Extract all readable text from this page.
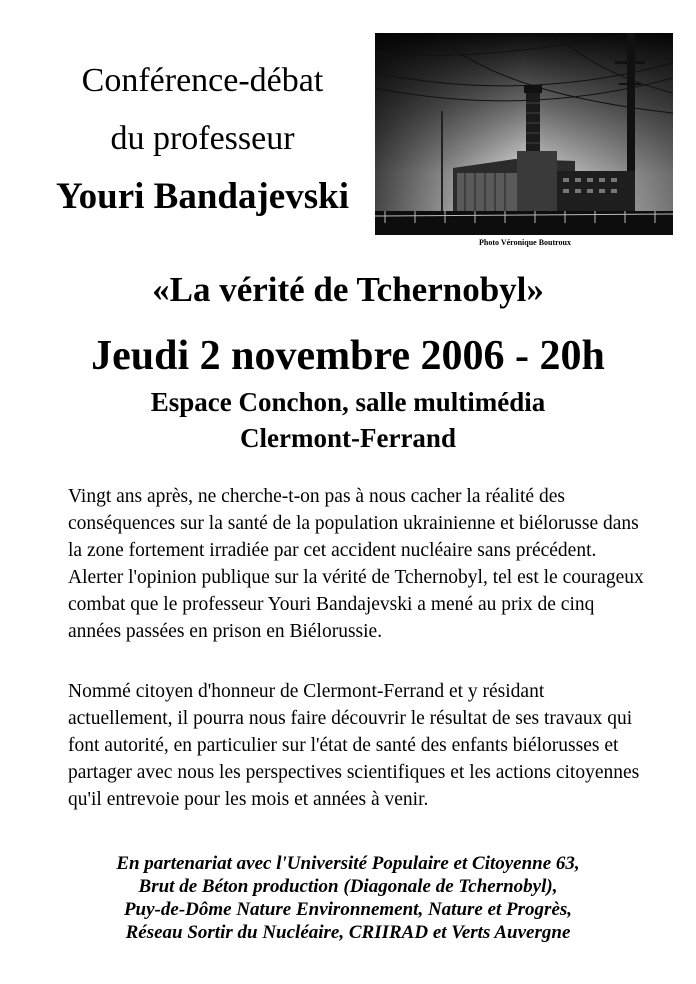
Conférence-débat
du professeur
Youri Bandajevski
Photo Véronique Boutroux
«La vérité de Tchernobyl»
Jeudi 2 novembre 2006 - 20h
Espace Conchon, salle multimédia
Clermont-Ferrand

Vingt ans après, ne cherche-t-on pas à nous cacher la réalité des conséquences sur la santé de la population ukrainienne et biélorusse dans la zone fortement irradiée par cet accident nucléaire sans précédent. Alerter l'opinion publique sur la vérité de Tchernobyl, tel est le courageux combat que le professeur Youri Bandajevski a mené au prix de cinq années passées en prison en Biélorussie.

Nommé citoyen d'honneur de Clermont-Ferrand et y résidant actuellement, il pourra nous faire découvrir le résultat de ses travaux qui font autorité, en particulier sur l'état de santé des enfants biélorusses et partager avec nous les perspectives scientifiques et les actions citoyennes qu'il entrevoie pour les mois et années à venir.

En partenariat avec l'Université Populaire et Citoyenne 63,
Brut de Béton production (Diagonale de Tchernobyl),
Puy-de-Dôme Nature Environnement, Nature et Progrès,
Réseau Sortir du Nucléaire, CRIIRAD et Verts Auvergne
